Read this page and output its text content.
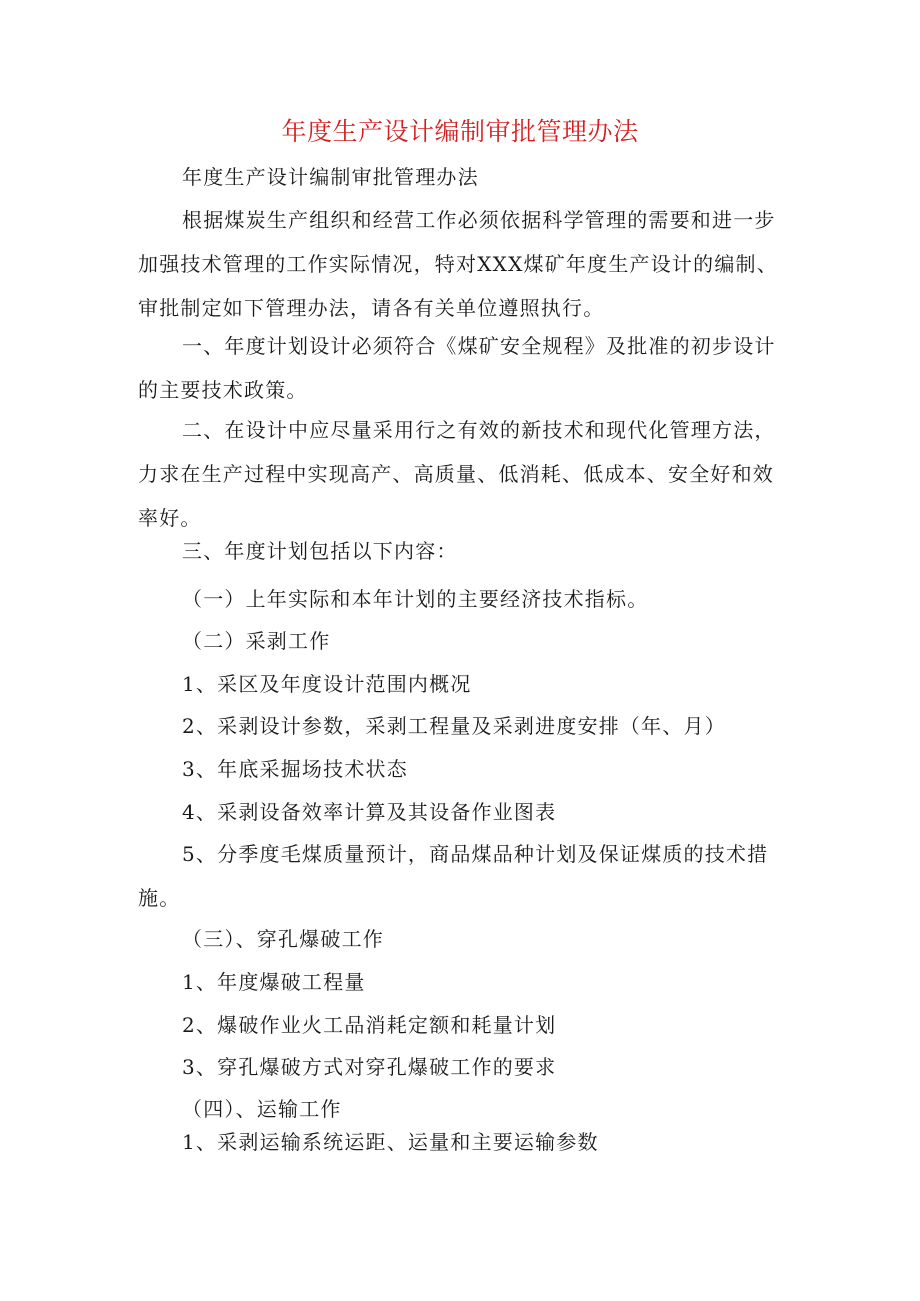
年度生产设计编制审批管理办法

年度生产设计编制审批管理办法

根据煤炭生产组织和经营工作必须依据科学管理的需要和进一步加强技术管理的工作实际情况，特对XXX煤矿年度生产设计的编制、审批制定如下管理办法，请各有关单位遵照执行。

一、年度计划设计必须符合《煤矿安全规程》及批准的初步设计的主要技术政策。

二、在设计中应尽量采用行之有效的新技术和现代化管理方法，力求在生产过程中实现高产、高质量、低消耗、低成本、安全好和效率好。

三、年度计划包括以下内容：

（一）上年实际和本年计划的主要经济技术指标。

（二）采剥工作

1、采区及年度设计范围内概况

2、采剥设计参数，采剥工程量及采剥进度安排（年、月）

3、年底采掘场技术状态

4、采剥设备效率计算及其设备作业图表

5、分季度毛煤质量预计，商品煤品种计划及保证煤质的技术措施。

（三）、穿孔爆破工作

1、年度爆破工程量

2、爆破作业火工品消耗定额和耗量计划

3、穿孔爆破方式对穿孔爆破工作的要求

（四）、运输工作

1、采剥运输系统运距、运量和主要运输参数
